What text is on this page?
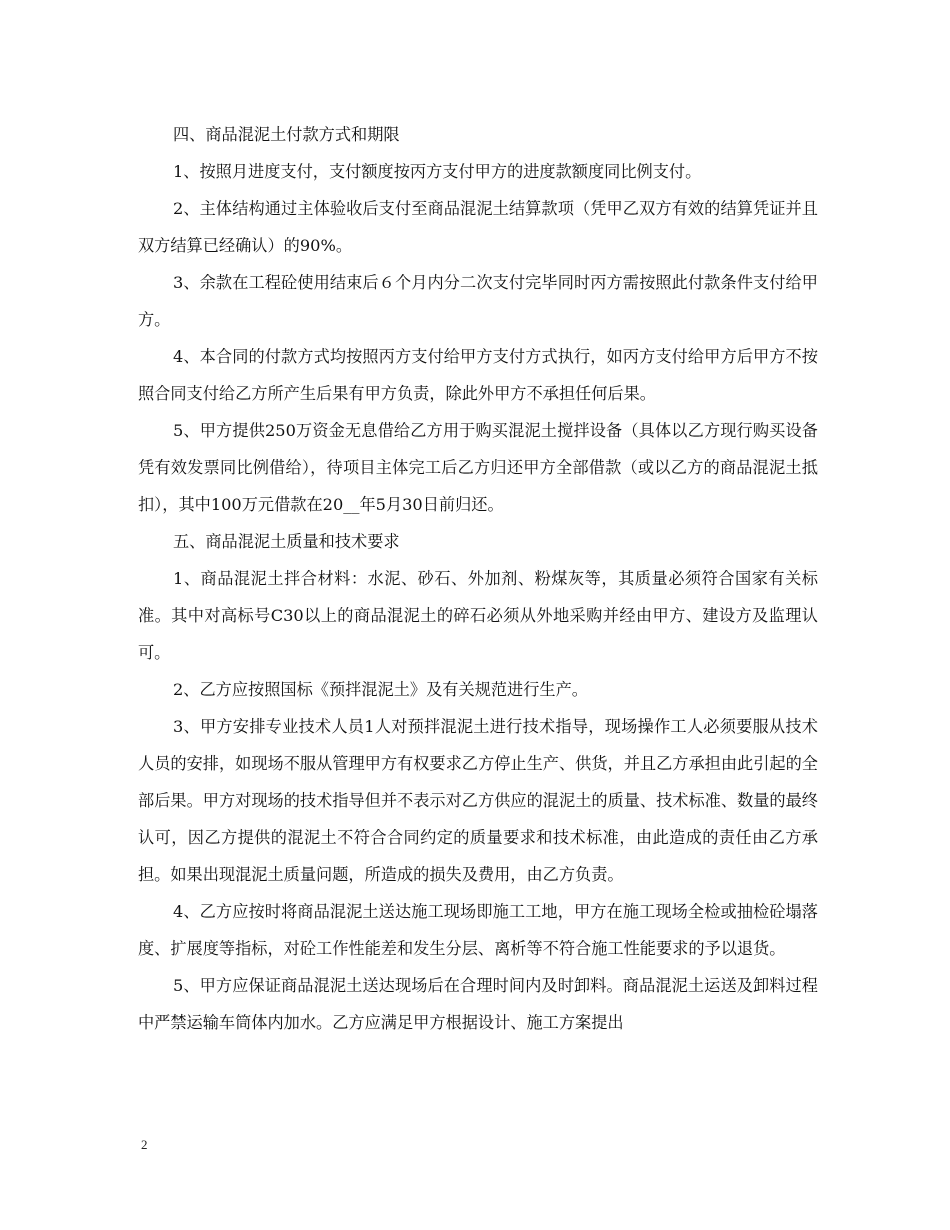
四、商品混泥土付款方式和期限

1、按照月进度支付，支付额度按丙方支付甲方的进度款额度同比例支付。

2、主体结构通过主体验收后支付至商品混泥土结算款项（凭甲乙双方有效的结算凭证并且双方结算已经确认）的90%。

3、余款在工程砼使用结束后６个月内分二次支付完毕同时丙方需按照此付款条件支付给甲方。

4、本合同的付款方式均按照丙方支付给甲方支付方式执行，如丙方支付给甲方后甲方不按照合同支付给乙方所产生后果有甲方负责，除此外甲方不承担任何后果。

5、甲方提供250万资金无息借给乙方用于购买混泥土搅拌设备（具体以乙方现行购买设备凭有效发票同比例借给），待项目主体完工后乙方归还甲方全部借款（或以乙方的商品混泥土抵扣），其中100万元借款在20__年5月30日前归还。

五、商品混泥土质量和技术要求

1、商品混泥土拌合材料：水泥、砂石、外加剂、粉煤灰等，其质量必须符合国家有关标准。其中对高标号C30以上的商品混泥土的碎石必须从外地采购并经由甲方、建设方及监理认可。

2、乙方应按照国标《预拌混泥土》及有关规范进行生产。

3、甲方安排专业技术人员1人对预拌混泥土进行技术指导，现场操作工人必须要服从技术人员的安排，如现场不服从管理甲方有权要求乙方停止生产、供货，并且乙方承担由此引起的全部后果。甲方对现场的技术指导但并不表示对乙方供应的混泥土的质量、技术标准、数量的最终认可，因乙方提供的混泥土不符合合同约定的质量要求和技术标准，由此造成的责任由乙方承担。如果出现混泥土质量问题，所造成的损失及费用，由乙方负责。

4、乙方应按时将商品混泥土送达施工现场即施工工地，甲方在施工现场全检或抽检砼塌落度、扩展度等指标，对砼工作性能差和发生分层、离析等不符合施工性能要求的予以退货。

5、甲方应保证商品混泥土送达现场后在合理时间内及时卸料。商品混泥土运送及卸料过程中严禁运输车筒体内加水。乙方应满足甲方根据设计、施工方案提出

2
